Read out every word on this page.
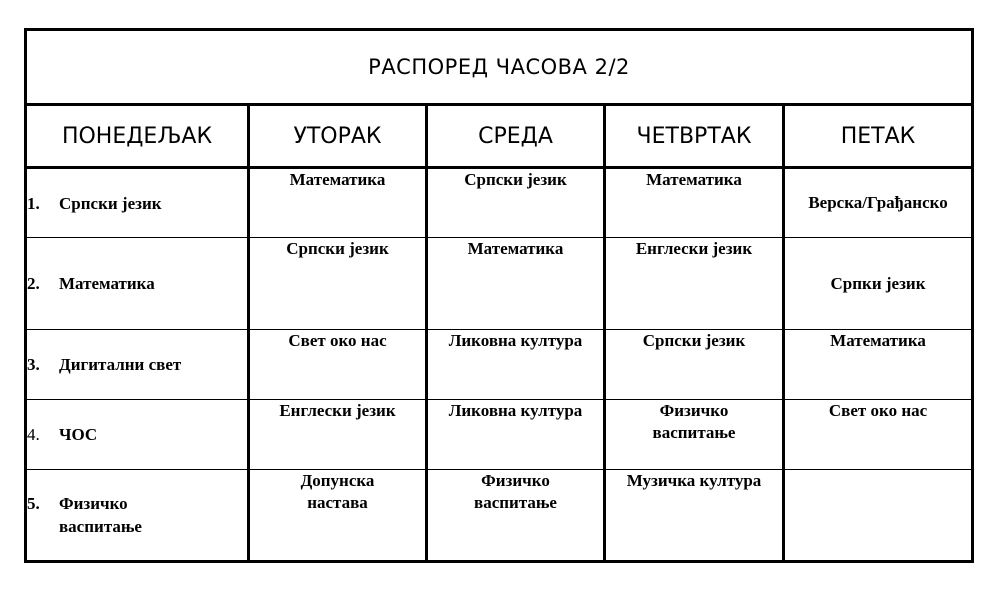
РАСПОРЕД ЧАСОВА 2/2				
ПОНЕДЕЉАК	УТОРАК	СРЕДА	ЧЕТВРТАК	ПЕТАК

1. Српски језик	Математика	Српски језик	Математика	Верска/Грађанско

2. Математика	Српски језик	Математика	Енглески језик	Српки језик

3. Дигитални свет	Свет око нас	Ликовна култура	Српски језик	Математика

4. ЧОС	Енглески језик	Ликовна култура	Физичко васпитање	Свет око нас

5. Физичко васпитање	Допунска настава	Физичко васпитање	Музичка култура	
